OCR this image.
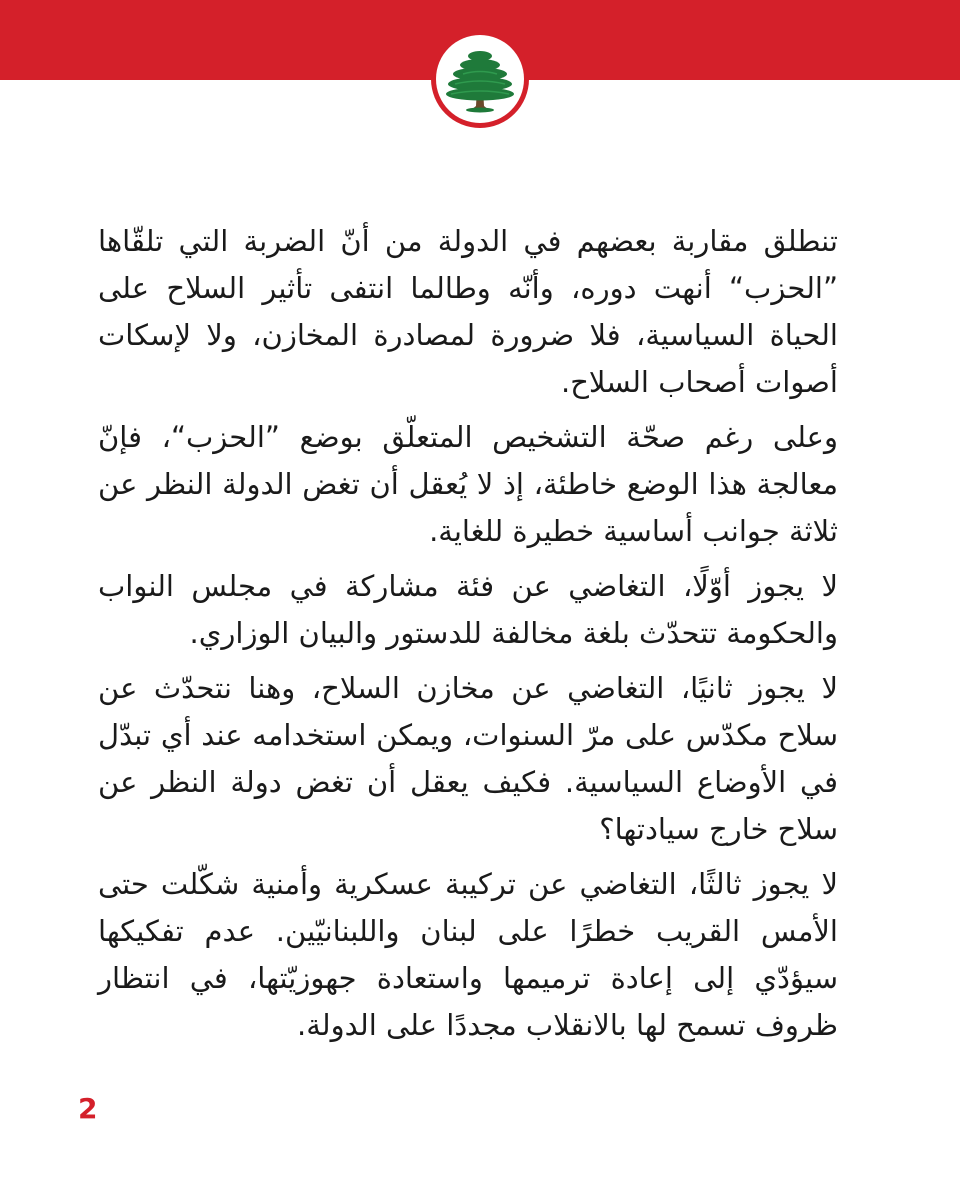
تنطلق مقاربة بعضهم في الدولة من أنّ الضربة التي تلقّاها ”الحزب“ أنهت دوره، وأنّه وطالما انتفى تأثير السلاح على الحياة السياسية، فلا ضرورة لمصادرة المخازن، ولا لإسكات أصوات أصحاب السلاح.

وعلى رغم صحّة التشخيص المتعلّق بوضع ”الحزب“، فإنّ معالجة هذا الوضع خاطئة، إذ لا يُعقل أن تغض الدولة النظر عن ثلاثة جوانب أساسية خطيرة للغاية.

لا يجوز أوّلًا، التغاضي عن فئة مشاركة في مجلس النواب والحكومة تتحدّث بلغة مخالفة للدستور والبيان الوزاري.

لا يجوز ثانيًا، التغاضي عن مخازن السلاح، وهنا نتحدّث عن سلاح مكدّس على مرّ السنوات، ويمكن استخدامه عند أي تبدّل في الأوضاع السياسية. فكيف يعقل أن تغض دولة النظر عن سلاح خارج سيادتها؟

لا يجوز ثالثًا، التغاضي عن تركيبة عسكرية وأمنية شكّلت حتى الأمس القريب خطرًا على لبنان واللبنانيّين. عدم تفكيكها سيؤدّي إلى إعادة ترميمها واستعادة جهوزيّتها، في انتظار ظروف تسمح لها بالانقلاب مجددًا على الدولة.

2
